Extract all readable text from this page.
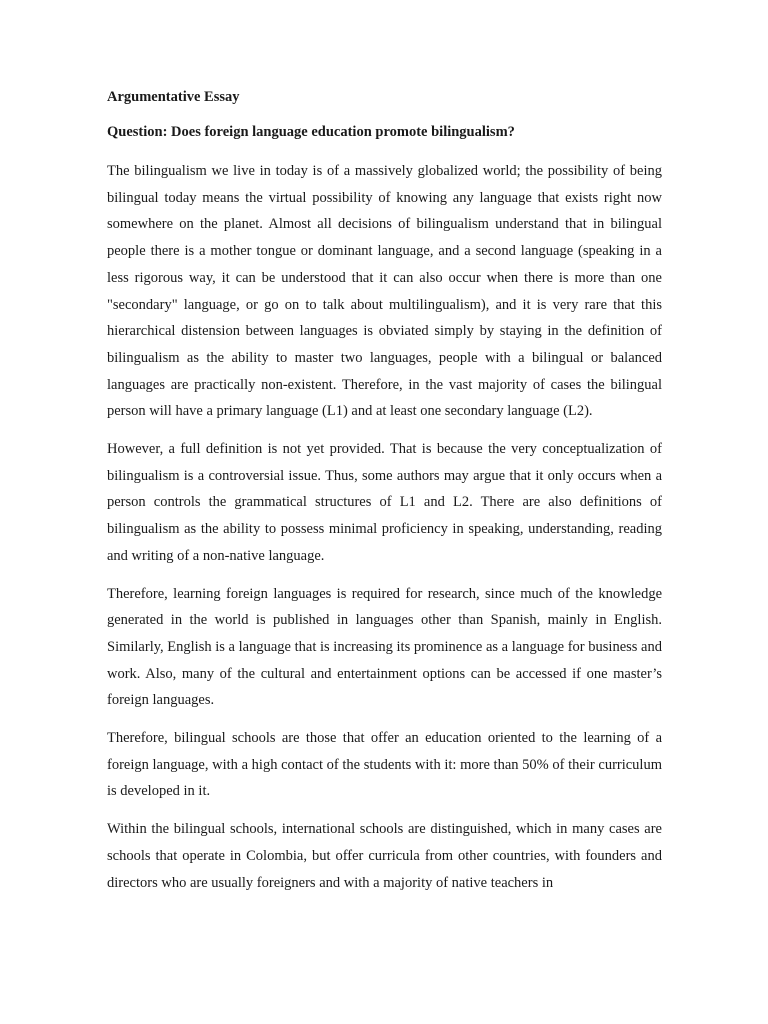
Argumentative Essay
Question: Does foreign language education promote bilingualism?

The bilingualism we live in today is of a massively globalized world; the possibility of being bilingual today means the virtual possibility of knowing any language that exists right now somewhere on the planet. Almost all decisions of bilingualism understand that in bilingual people there is a mother tongue or dominant language, and a second language (speaking in a less rigorous way, it can be understood that it can also occur when there is more than one "secondary" language, or go on to talk about multilingualism), and it is very rare that this hierarchical distension between languages is obviated simply by staying in the definition of bilingualism as the ability to master two languages, people with a bilingual or balanced languages are practically non-existent. Therefore, in the vast majority of cases the bilingual person will have a primary language (L1) and at least one secondary language (L2).

However, a full definition is not yet provided. That is because the very conceptualization of bilingualism is a controversial issue. Thus, some authors may argue that it only occurs when a person controls the grammatical structures of L1 and L2. There are also definitions of bilingualism as the ability to possess minimal proficiency in speaking, understanding, reading and writing of a non-native language.

Therefore, learning foreign languages is required for research, since much of the knowledge generated in the world is published in languages other than Spanish, mainly in English. Similarly, English is a language that is increasing its prominence as a language for business and work. Also, many of the cultural and entertainment options can be accessed if one master’s foreign languages.

Therefore, bilingual schools are those that offer an education oriented to the learning of a foreign language, with a high contact of the students with it: more than 50% of their curriculum is developed in it.

Within the bilingual schools, international schools are distinguished, which in many cases are schools that operate in Colombia, but offer curricula from other countries, with founders and directors who are usually foreigners and with a majority of native teachers in
